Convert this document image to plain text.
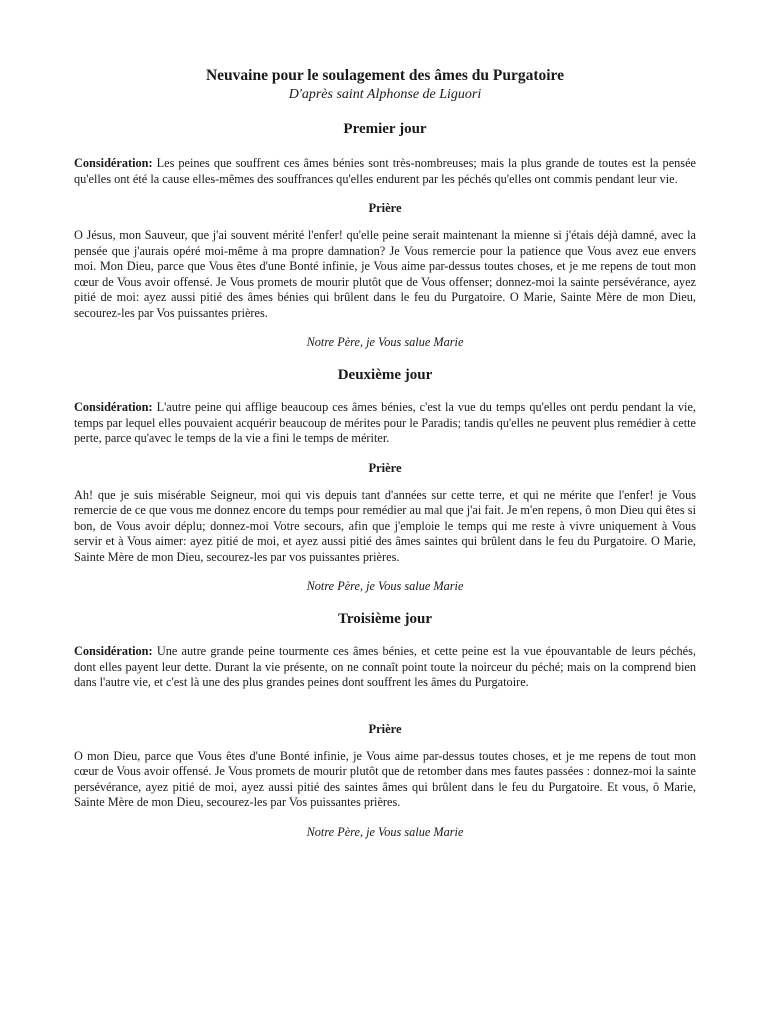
Neuvaine pour le soulagement des âmes du Purgatoire

D'après saint Alphonse de Liguori

Premier jour

Considération: Les peines que souffrent ces âmes bénies sont très-nombreuses; mais la plus grande de toutes est la pensée qu'elles ont été la cause elles-mêmes des souffrances qu'elles endurent par les péchés qu'elles ont commis pendant leur vie.

Prière

O Jésus, mon Sauveur, que j'ai souvent mérité l'enfer! qu'elle peine serait maintenant la mienne si j'étais déjà damné, avec la pensée que j'aurais opéré moi-même à ma propre damnation? Je Vous remercie pour la patience que Vous avez eue envers moi. Mon Dieu, parce que Vous êtes d'une Bonté infinie, je Vous aime par-dessus toutes choses, et je me repens de tout mon cœur de Vous avoir offensé. Je Vous promets de mourir plutôt que de Vous offenser; donnez-moi la sainte persévérance, ayez pitié de moi: ayez aussi pitié des âmes bénies qui brûlent dans le feu du Purgatoire. O Marie, Sainte Mère de mon Dieu, secourez-les par Vos puissantes prières.

Notre Père, je Vous salue Marie

Deuxième jour

Considération: L'autre peine qui afflige beaucoup ces âmes bénies, c'est la vue du temps qu'elles ont perdu pendant la vie, temps par lequel elles pouvaient acquérir beaucoup de mérites pour le Paradis; tandis qu'elles ne peuvent plus remédier à cette perte, parce qu'avec le temps de la vie a fini le temps de mériter.

Prière

Ah! que je suis misérable Seigneur, moi qui vis depuis tant d'années sur cette terre, et qui ne mérite que l'enfer! je Vous remercie de ce que vous me donnez encore du temps pour remédier au mal que j'ai fait. Je m'en repens, ô mon Dieu qui êtes si bon, de Vous avoir déplu; donnez-moi Votre secours, afin que j'emploie le temps qui me reste à vivre uniquement à Vous servir et à Vous aimer: ayez pitié de moi, et ayez aussi pitié des âmes saintes qui brûlent dans le feu du Purgatoire. O Marie, Sainte Mère de mon Dieu, secourez-les par vos puissantes prières.

Notre Père, je Vous salue Marie

Troisième jour

Considération: Une autre grande peine tourmente ces âmes bénies, et cette peine est la vue épouvantable de leurs péchés, dont elles payent leur dette. Durant la vie présente, on ne connaît point toute la noirceur du péché; mais on la comprend bien dans l'autre vie, et c'est là une des plus grandes peines dont souffrent les âmes du Purgatoire.

Prière

O mon Dieu, parce que Vous êtes d'une Bonté infinie, je Vous aime par-dessus toutes choses, et je me repens de tout mon cœur de Vous avoir offensé. Je Vous promets de mourir plutôt que de retomber dans mes fautes passées : donnez-moi la sainte persévérance, ayez pitié de moi, ayez aussi pitié des saintes âmes qui brûlent dans le feu du Purgatoire. Et vous, ô Marie, Sainte Mère de mon Dieu, secourez-les par Vos puissantes prières.

Notre Père, je Vous salue Marie
